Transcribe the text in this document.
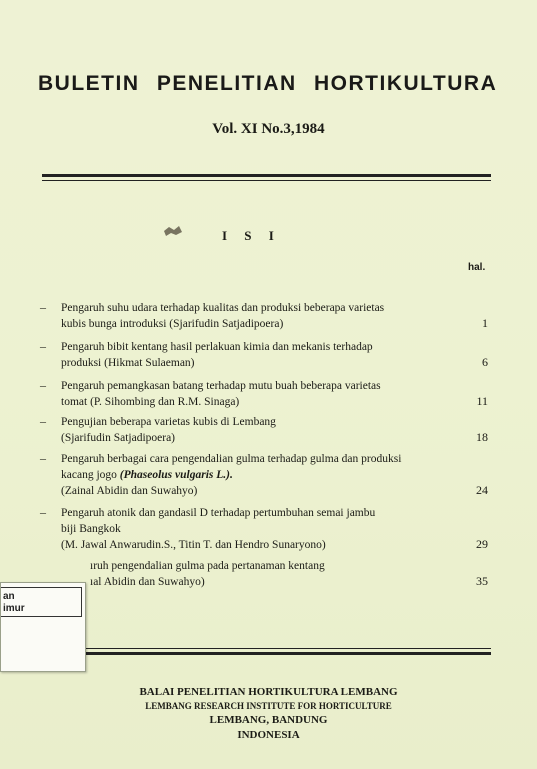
BULETIN PENELITIAN HORTIKULTURA
Vol. XI No.3,1984
I S I
hal.
– Pengaruh suhu udara terhadap kualitas dan produksi beberapa varietas
kubis bunga introduksi (Sjarifudin Satjadipoera)	1
– Pengaruh bibit kentang hasil perlakuan kimia dan mekanis terhadap
produksi (Hikmat Sulaeman)	6
– Pengaruh pemangkasan batang terhadap mutu buah beberapa varietas
tomat (P. Sihombing dan R.M. Sinaga)	11
– Pengujian beberapa varietas kubis di Lembang
(Sjarifudin Satjadipoera)	18
– Pengaruh berbagai cara pengendalian gulma terhadap gulma dan produksi
kacang jogo (Phaseolus vulgaris L.).
(Zainal Abidin dan Suwahyo)	24
– Pengaruh atonik dan gandasil D terhadap pertumbuhan semai jambu
biji Bangkok
(M. Jawal Anwarudin.S., Titin T. dan Hendro Sunaryono)	29
ıruh pengendalian gulma pada pertanaman kentang
ıal Abidin dan Suwahyo)	35
BALAI PENELITIAN HORTIKULTURA LEMBANG
LEMBANG RESEARCH INSTITUTE FOR HORTICULTURE
LEMBANG, BANDUNG
INDONESIA
an
imur
